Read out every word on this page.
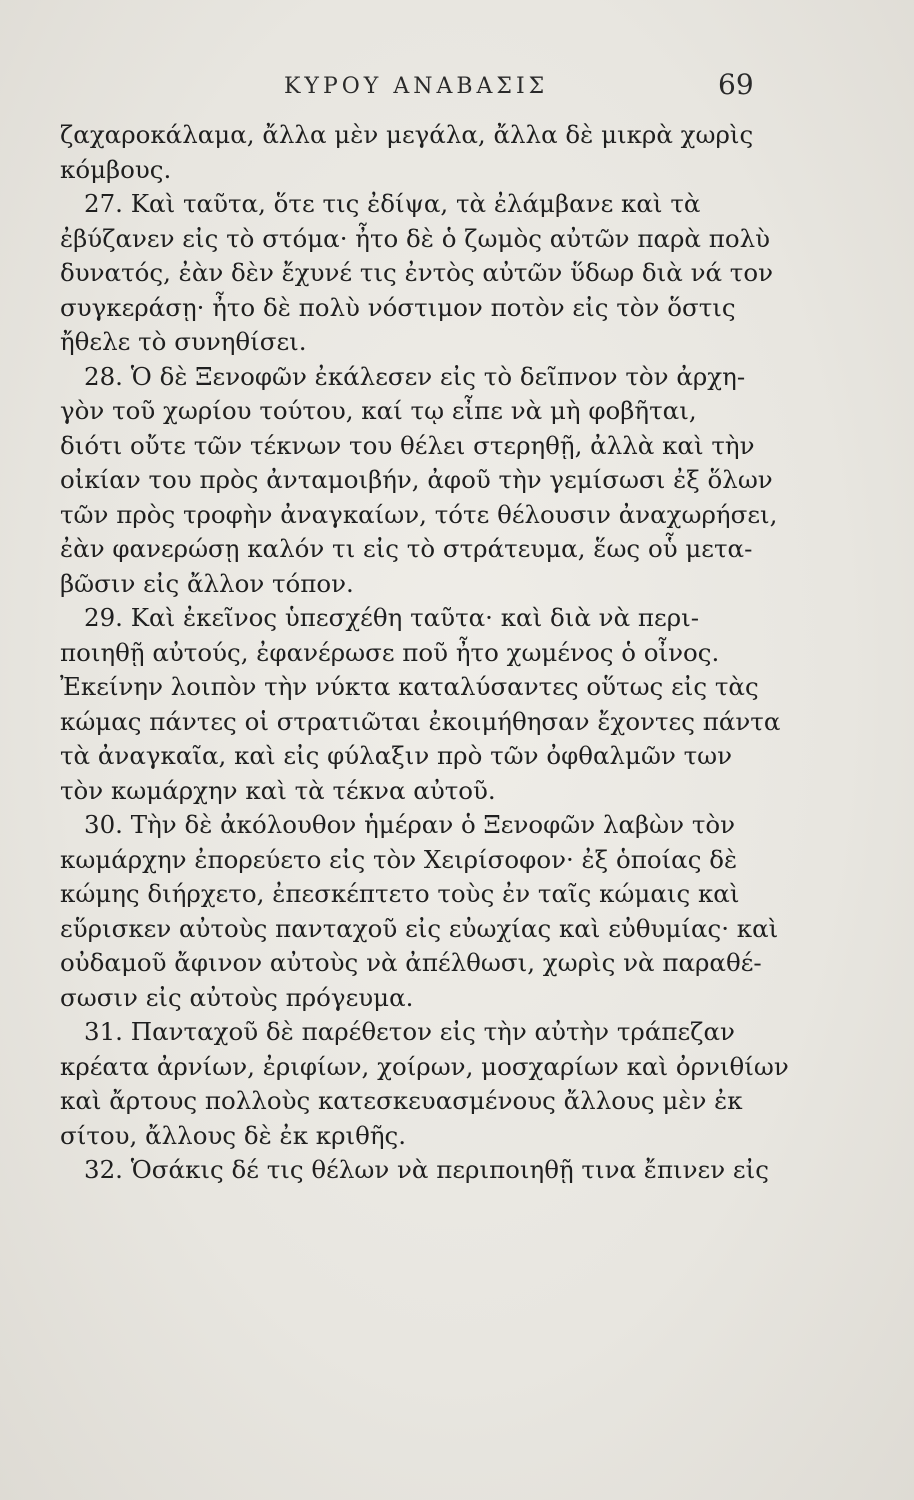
ΚΥΡΟΥ ΑΝΑΒΑΣΙΣ	69
ζαχαροκάλαμα, ἄλλα μὲν μεγάλα, ἄλλα δὲ μικρὰ χωρὶς
κόμβους.
27. Καὶ ταῦτα, ὅτε τις ἐδίψα, τὰ ἐλάμβανε καὶ τὰ
ἐβύζανεν εἰς τὸ στόμα· ἦτο δὲ ὁ ζωμὸς αὐτῶν παρὰ πολὺ
δυνατός, ἐὰν δὲν ἔχυνέ τις ἐντὸς αὐτῶν ὕδωρ διὰ νά τον
συγκεράσῃ· ἦτο δὲ πολὺ νόστιμον ποτὸν εἰς τὸν ὅστις
ἤθελε τὸ συνηθίσει.
28. Ὁ δὲ Ξενοφῶν ἐκάλεσεν εἰς τὸ δεῖπνον τὸν ἀρχη-
γὸν τοῦ χωρίου τούτου, καί τῳ εἶπε νὰ μὴ φοβῆται,
διότι οὔτε τῶν τέκνων του θέλει στερηθῇ, ἀλλὰ καὶ τὴν
οἰκίαν του πρὸς ἀνταμοιβήν, ἀφοῦ τὴν γεμίσωσι ἐξ ὅλων
τῶν πρὸς τροφὴν ἀναγκαίων, τότε θέλουσιν ἀναχωρήσει,
ἐὰν φανερώσῃ καλόν τι εἰς τὸ στράτευμα, ἕως οὗ μετα-
βῶσιν εἰς ἄλλον τόπον.
29. Καὶ ἐκεῖνος ὑπεσχέθη ταῦτα· καὶ διὰ νὰ περι-
ποιηθῇ αὐτούς, ἐφανέρωσε ποῦ ἦτο χωμένος ὁ οἶνος.
Ἐκείνην λοιπὸν τὴν νύκτα καταλύσαντες οὕτως εἰς τὰς
κώμας πάντες οἱ στρατιῶται ἐκοιμήθησαν ἔχοντες πάντα
τὰ ἀναγκαῖα, καὶ εἰς φύλαξιν πρὸ τῶν ὀφθαλμῶν των
τὸν κωμάρχην καὶ τὰ τέκνα αὐτοῦ.
30. Τὴν δὲ ἀκόλουθον ἡμέραν ὁ Ξενοφῶν λαβὼν τὸν
κωμάρχην ἐπορεύετο εἰς τὸν Χειρίσοφον· ἐξ ὁποίας δὲ
κώμης διήρχετο, ἐπεσκέπτετο τοὺς ἐν ταῖς κώμαις καὶ
εὕρισκεν αὐτοὺς πανταχοῦ εἰς εὐωχίας καὶ εὐθυμίας· καὶ
οὐδαμοῦ ἄφινον αὐτοὺς νὰ ἀπέλθωσι, χωρὶς νὰ παραθέ-
σωσιν εἰς αὐτοὺς πρόγευμα.
31. Πανταχοῦ δὲ παρέθετον εἰς τὴν αὐτὴν τράπεζαν
κρέατα ἀρνίων, ἐριφίων, χοίρων, μοσχαρίων καὶ ὀρνιθίων
καὶ ἄρτους πολλοὺς κατεσκευασμένους ἄλλους μὲν ἐκ
σίτου, ἄλλους δὲ ἐκ κριθῆς.
32. Ὁσάκις δέ τις θέλων νὰ περιποιηθῇ τινα ἔπινεν εἰς
